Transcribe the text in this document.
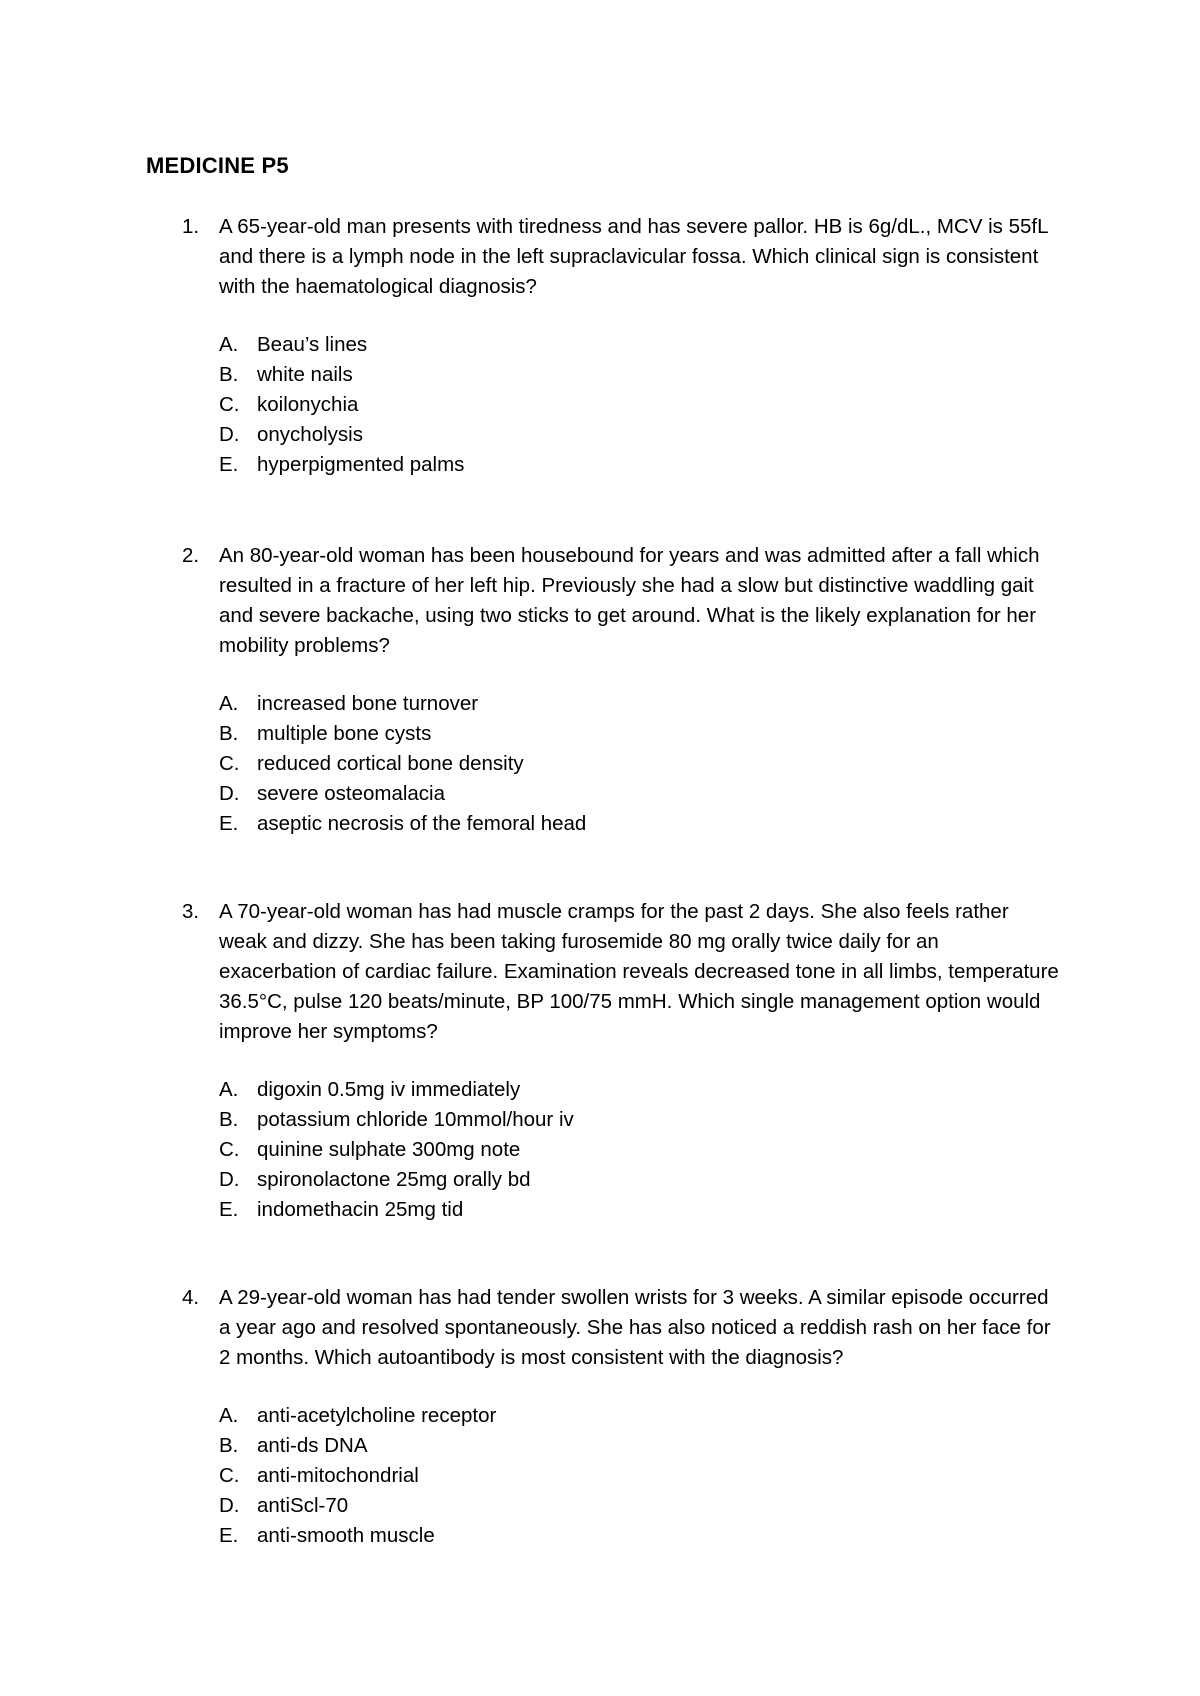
MEDICINE P5
1. A 65-year-old man presents with tiredness and has severe pallor. HB is 6g/dL., MCV is 55fL and there is a lymph node in the left supraclavicular fossa. Which clinical sign is consistent with the haematological diagnosis?

A. Beau’s lines
B. white nails
C. koilonychia
D. onycholysis
E. hyperpigmented palms
2. An 80-year-old woman has been housebound for years and was admitted after a fall which resulted in a fracture of her left hip. Previously she had a slow but distinctive waddling gait and severe backache, using two sticks to get around. What is the likely explanation for her mobility problems?

A. increased bone turnover
B. multiple bone cysts
C. reduced cortical bone density
D. severe osteomalacia
E. aseptic necrosis of the femoral head
3. A 70-year-old woman has had muscle cramps for the past 2 days. She also feels rather weak and dizzy. She has been taking furosemide 80 mg orally twice daily for an exacerbation of cardiac failure. Examination reveals decreased tone in all limbs, temperature 36.5°C, pulse 120 beats/minute, BP 100/75 mmH. Which single management option would improve her symptoms?

A. digoxin 0.5mg iv immediately
B. potassium chloride 10mmol/hour iv
C. quinine sulphate 300mg note
D. spironolactone 25mg orally bd
E. indomethacin 25mg tid
4. A 29-year-old woman has had tender swollen wrists for 3 weeks. A similar episode occurred a year ago and resolved spontaneously. She has also noticed a reddish rash on her face for 2 months. Which autoantibody is most consistent with the diagnosis?

A. anti-acetylcholine receptor
B. anti-ds DNA
C. anti-mitochondrial
D. antiScl-70
E. anti-smooth muscle
